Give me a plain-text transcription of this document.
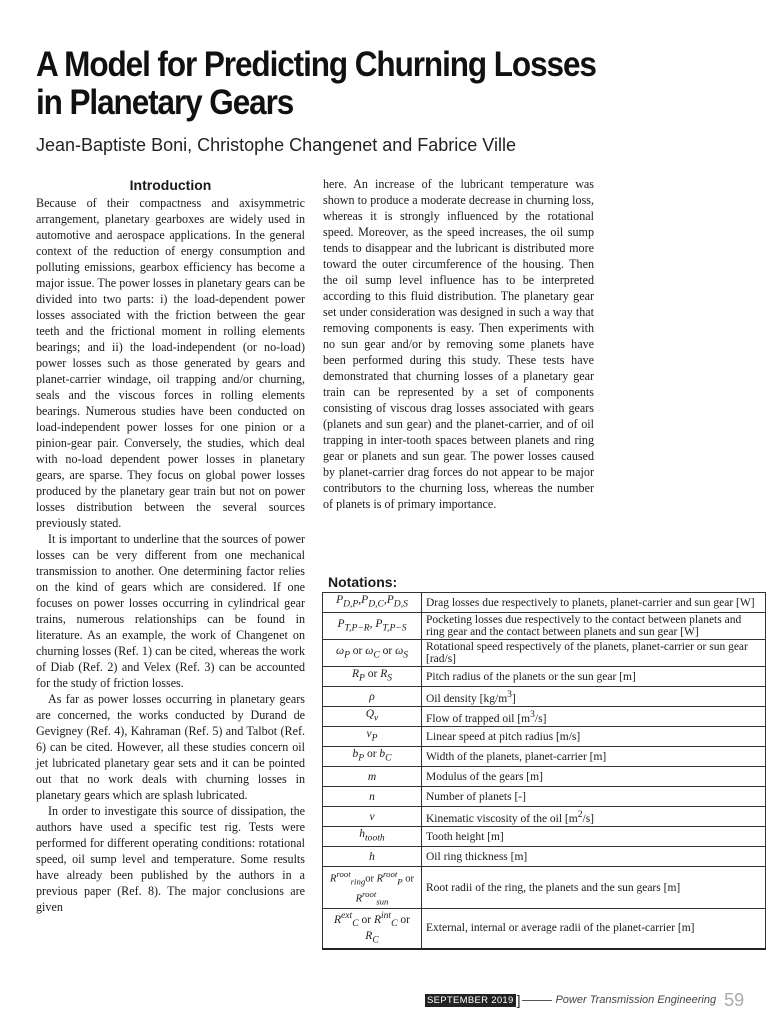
A Model for Predicting Churning Losses
in Planetary Gears
Jean-Baptiste Boni, Christophe Changenet and Fabrice Ville
Introduction

Because of their compactness and axisymmetric arrangement, planetary gearboxes are widely used in automotive and aerospace applications. In the general context of the reduction of energy consumption and polluting emissions, gearbox efficiency has become a major issue. The power losses in planetary gears can be divided into two parts: i) the load-dependent power losses associated with the friction between the gear teeth and the frictional moment in rolling elements bearings; and ii) the load-independent (or no-load) power losses such as those generated by gears and planet-carrier windage, oil trapping and/or churning, seals and the viscous forces in rolling elements bearings. Numerous studies have been conducted on load-independent power losses for one pinion or a pinion-gear pair. Conversely, the studies, which deal with no-load dependent power losses in planetary gears, are sparse. They focus on global power losses produced by the planetary gear train but not on power losses distribution between the several sources previously stated.

It is important to underline that the sources of power losses can be very different from one mechanical transmission to another. One determining factor relies on the kind of gears which are considered. If one focuses on power losses occurring in cylindrical gear trains, numerous relationships can be found in literature. As an example, the work of Changenet on churning losses (Ref. 1) can be cited, whereas the work of Diab (Ref. 2) and Velex (Ref. 3) can be accounted for the study of friction losses.

As far as power losses occurring in planetary gears are concerned, the works conducted by Durand de Gevigney (Ref. 4), Kahraman (Ref. 5) and Talbot (Ref. 6) can be cited. However, all these studies concern oil jet lubricated planetary gear sets and it can be pointed out that no work deals with churning losses in planetary gears which are splash lubricated.

In order to investigate this source of dissipation, the authors have used a specific test rig. Tests were performed for different operating conditions: rotational speed, oil sump level and temperature. Some results have already been published by the authors in a previous paper (Ref. 8). The major conclusions are given

here. An increase of the lubricant temperature was shown to produce a moderate decrease in churning loss, whereas it is strongly influenced by the rotational speed. Moreover, as the speed increases, the oil sump tends to disappear and the lubricant is distributed more toward the outer circumference of the housing. Then the oil sump level influence has to be interpreted according to this fluid distribution. The planetary gear set under consideration was designed in such a way that removing components is easy. Then experiments with no sun gear and/or by removing some planets have been performed during this study. These tests have demonstrated that churning losses of a planetary gear train can be represented by a set of components consisting of viscous drag losses associated with gears (planets and sun gear) and the planet-carrier, and of oil trapping in inter-tooth spaces between planets and ring gear or planets and sun gear. The power losses caused by planet-carrier drag forces do not appear to be major contributors to the churning loss, whereas the number of planets is of primary importance.

Notations:
$P_{D,P},P_{D,C},P_{D,S}$	Drag losses due respectively to planets, planet-carrier and sun gear [W]
$P_{T,P-R}$, $P_{T,P-S}$	Pocketing losses due respectively to the contact between planets and ring gear and the contact between planets and sun gear [W]
$\omega_P$ or $\omega_C$ or $\omega_S$	Rotational speed respectively of the planets, planet-carrier or sun gear [rad/s]
$R_P$ or $R_S$	Pitch radius of the planets or the sun gear [m]
ρ	Oil density $[kg/m^3]$
$Q_v$	Flow of trapped oil $[m^3/s]$
$v_P$	Linear speed at pitch radius [m/s]
$b_P$ or $b_C$	Width of the planets, planet-carrier [m]
m	Modulus of the gears [m]
n	Number of planets [-]
ν	Kinematic viscosity of the oil $[m^2/s]$
$h_{tooth}$	Tooth height [m]
h	Oil ring thickness [m]
$R^{root}_{ring}or$ $R^{root}_P$ or $R^{root}_{sun}$	Root radii of the ring, the planets and the sun gears [m]
$R^{ext}_C$ or $R^{int}_C$ or $R_C$	External, internal or average radii of the planet-carrier [m]
SEPTEMBER 2019 ]	Power Transmission Engineering 59
